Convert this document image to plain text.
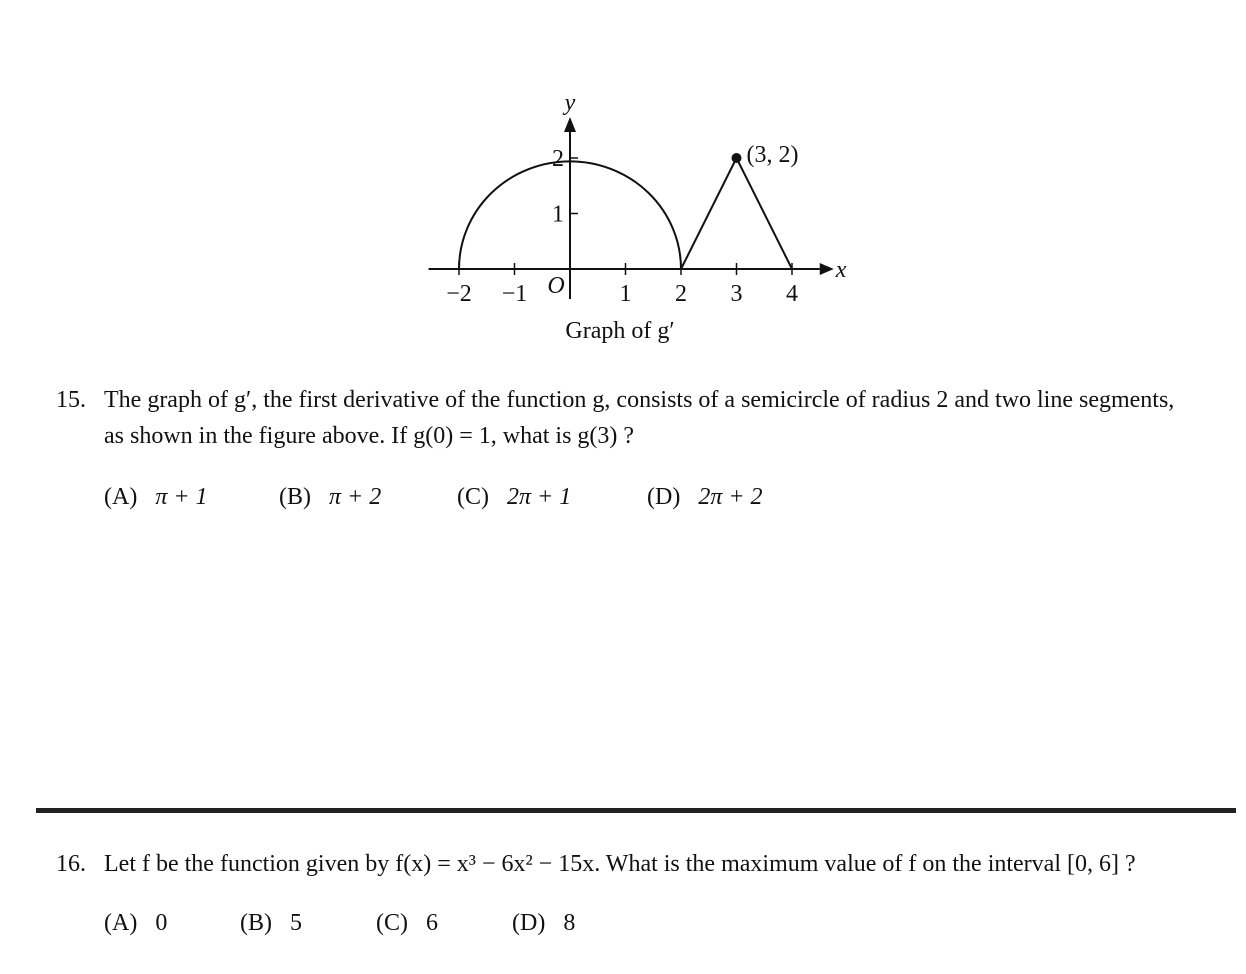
−2 −1	1 2 3 4
1
2	(3, 2)
x
y
O
Graph of g′
15. The graph of g′, the first derivative of the function g, consists of a semicircle of radius 2 and two line segments,
as shown in the figure above. If g(0) = 1, what is g(3) ?
(A) π + 1	(B) π + 2	(C) 2π + 1	(D) 2π + 2
16. Let f be the function given by f(x) = x³ − 6x² − 15x. What is the maximum value of f on the interval [0, 6] ?
(A) 0	(B) 5	(C) 6	(D) 8
